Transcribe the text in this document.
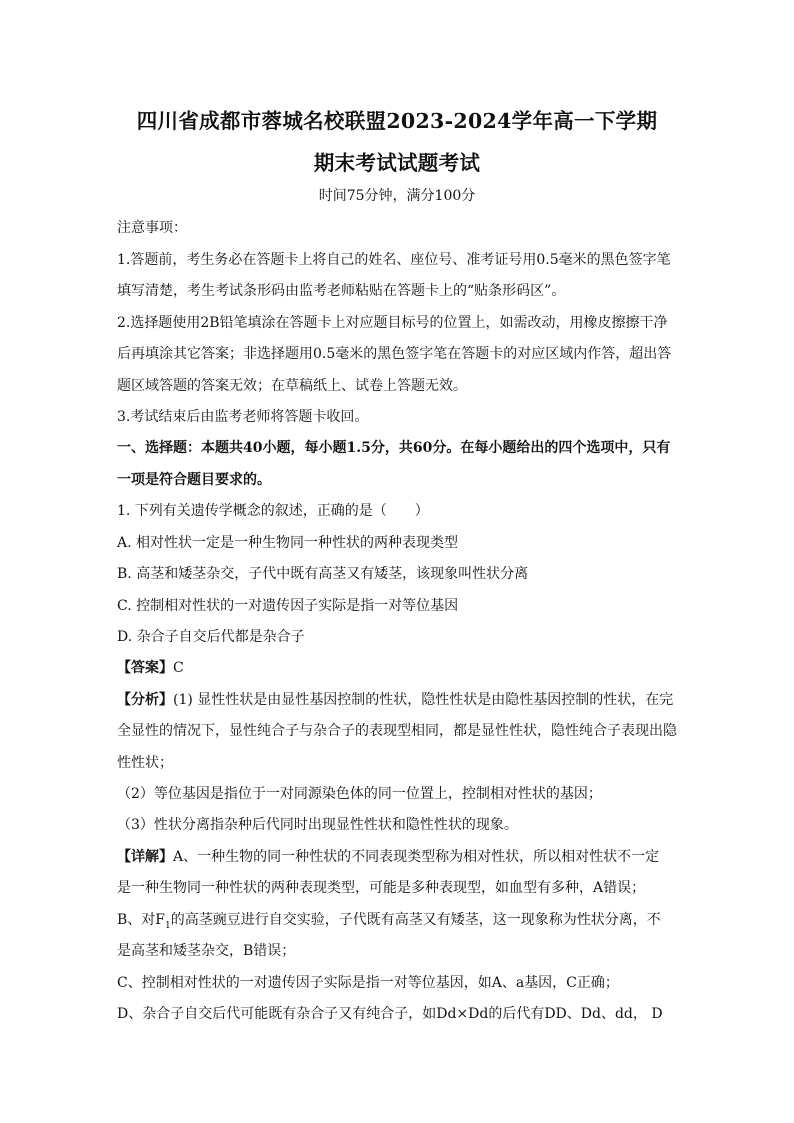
四川省成都市蓉城名校联盟2023-2024学年高一下学期
期末考试试题考试
时间75分钟，满分100分
注意事项：
1.答题前，考生务必在答题卡上将自己的姓名、座位号、准考证号用0.5毫米的黑色签字笔
填写清楚，考生考试条形码由监考老师粘贴在答题卡上的“贴条形码区”。
2.选择题使用2B铅笔填涂在答题卡上对应题目标号的位置上，如需改动，用橡皮擦擦干净
后再填涂其它答案；非选择题用0.5毫米的黑色签字笔在答题卡的对应区域内作答，超出答
题区域答题的答案无效；在草稿纸上、试卷上答题无效。
3.考试结束后由监考老师将答题卡收回。
一、选择题：本题共40小题，每小题1.5分，共60分。在每小题给出的四个选项中，只有
一项是符合题目要求的。
1. 下列有关遗传学概念的叙述，正确的是（　　）
A. 相对性状一定是一种生物同一种性状的两种表现类型
B. 高茎和矮茎杂交，子代中既有高茎又有矮茎，该现象叫性状分离
C. 控制相对性状的一对遗传因子实际是指一对等位基因
D. 杂合子自交后代都是杂合子
【答案】C
【分析】(1) 显性性状是由显性基因控制的性状，隐性性状是由隐性基因控制的性状，在完
全显性的情况下，显性纯合子与杂合子的表现型相同，都是显性性状，隐性纯合子表现出隐
性性状；
（2）等位基因是指位于一对同源染色体的同一位置上，控制相对性状的基因；
（3）性状分离指杂种后代同时出现显性性状和隐性性状的现象。
【详解】A、一种生物的同一种性状的不同表现类型称为相对性状，所以相对性状不一定
是一种生物同一种性状的两种表现类型，可能是多种表现型，如血型有多种，A错误；
B、对$F_1$的高茎豌豆进行自交实验，子代既有高茎又有矮茎，这一现象称为性状分离，不
是高茎和矮茎杂交，B错误；
C、控制相对性状的一对遗传因子实际是指一对等位基因，如A、a基因，C正确；
D、杂合子自交后代可能既有杂合子又有纯合子，如Dd×Dd的后代有DD、Dd、dd， D
